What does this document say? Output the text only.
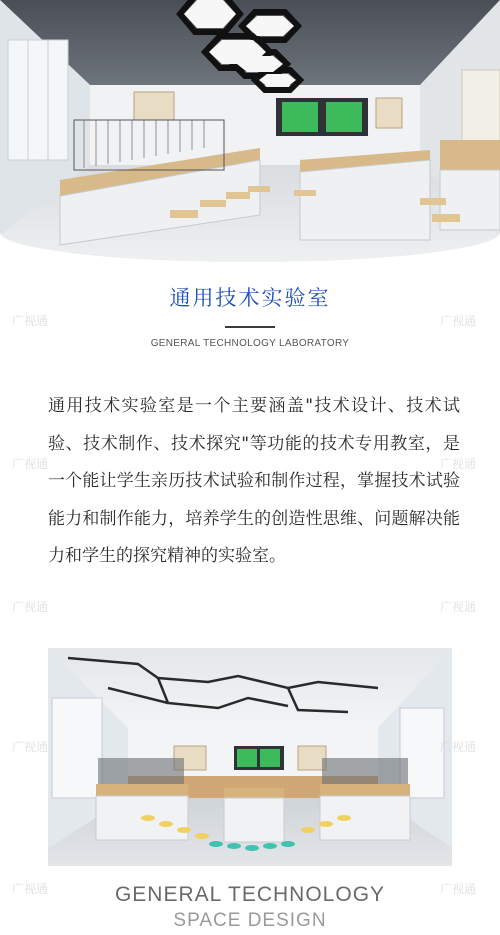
通用技术实验室

GENERAL TECHNOLOGY LABORATORY

通用技术实验室是一个主要涵盖"技术设计、技术试验、技术制作、技术探究"等功能的技术专用教室，是一个能让学生亲历技术试验和制作过程，掌握技术试验能力和制作能力，培养学生的创造性思维、问题解决能力和学生的探究精神的实验室。

GENERAL TECHNOLOGY

SPACE DESIGN

广视通	广视通
广视通	广视通
广视通	广视通
广视通	广视通
广视通	广视通
